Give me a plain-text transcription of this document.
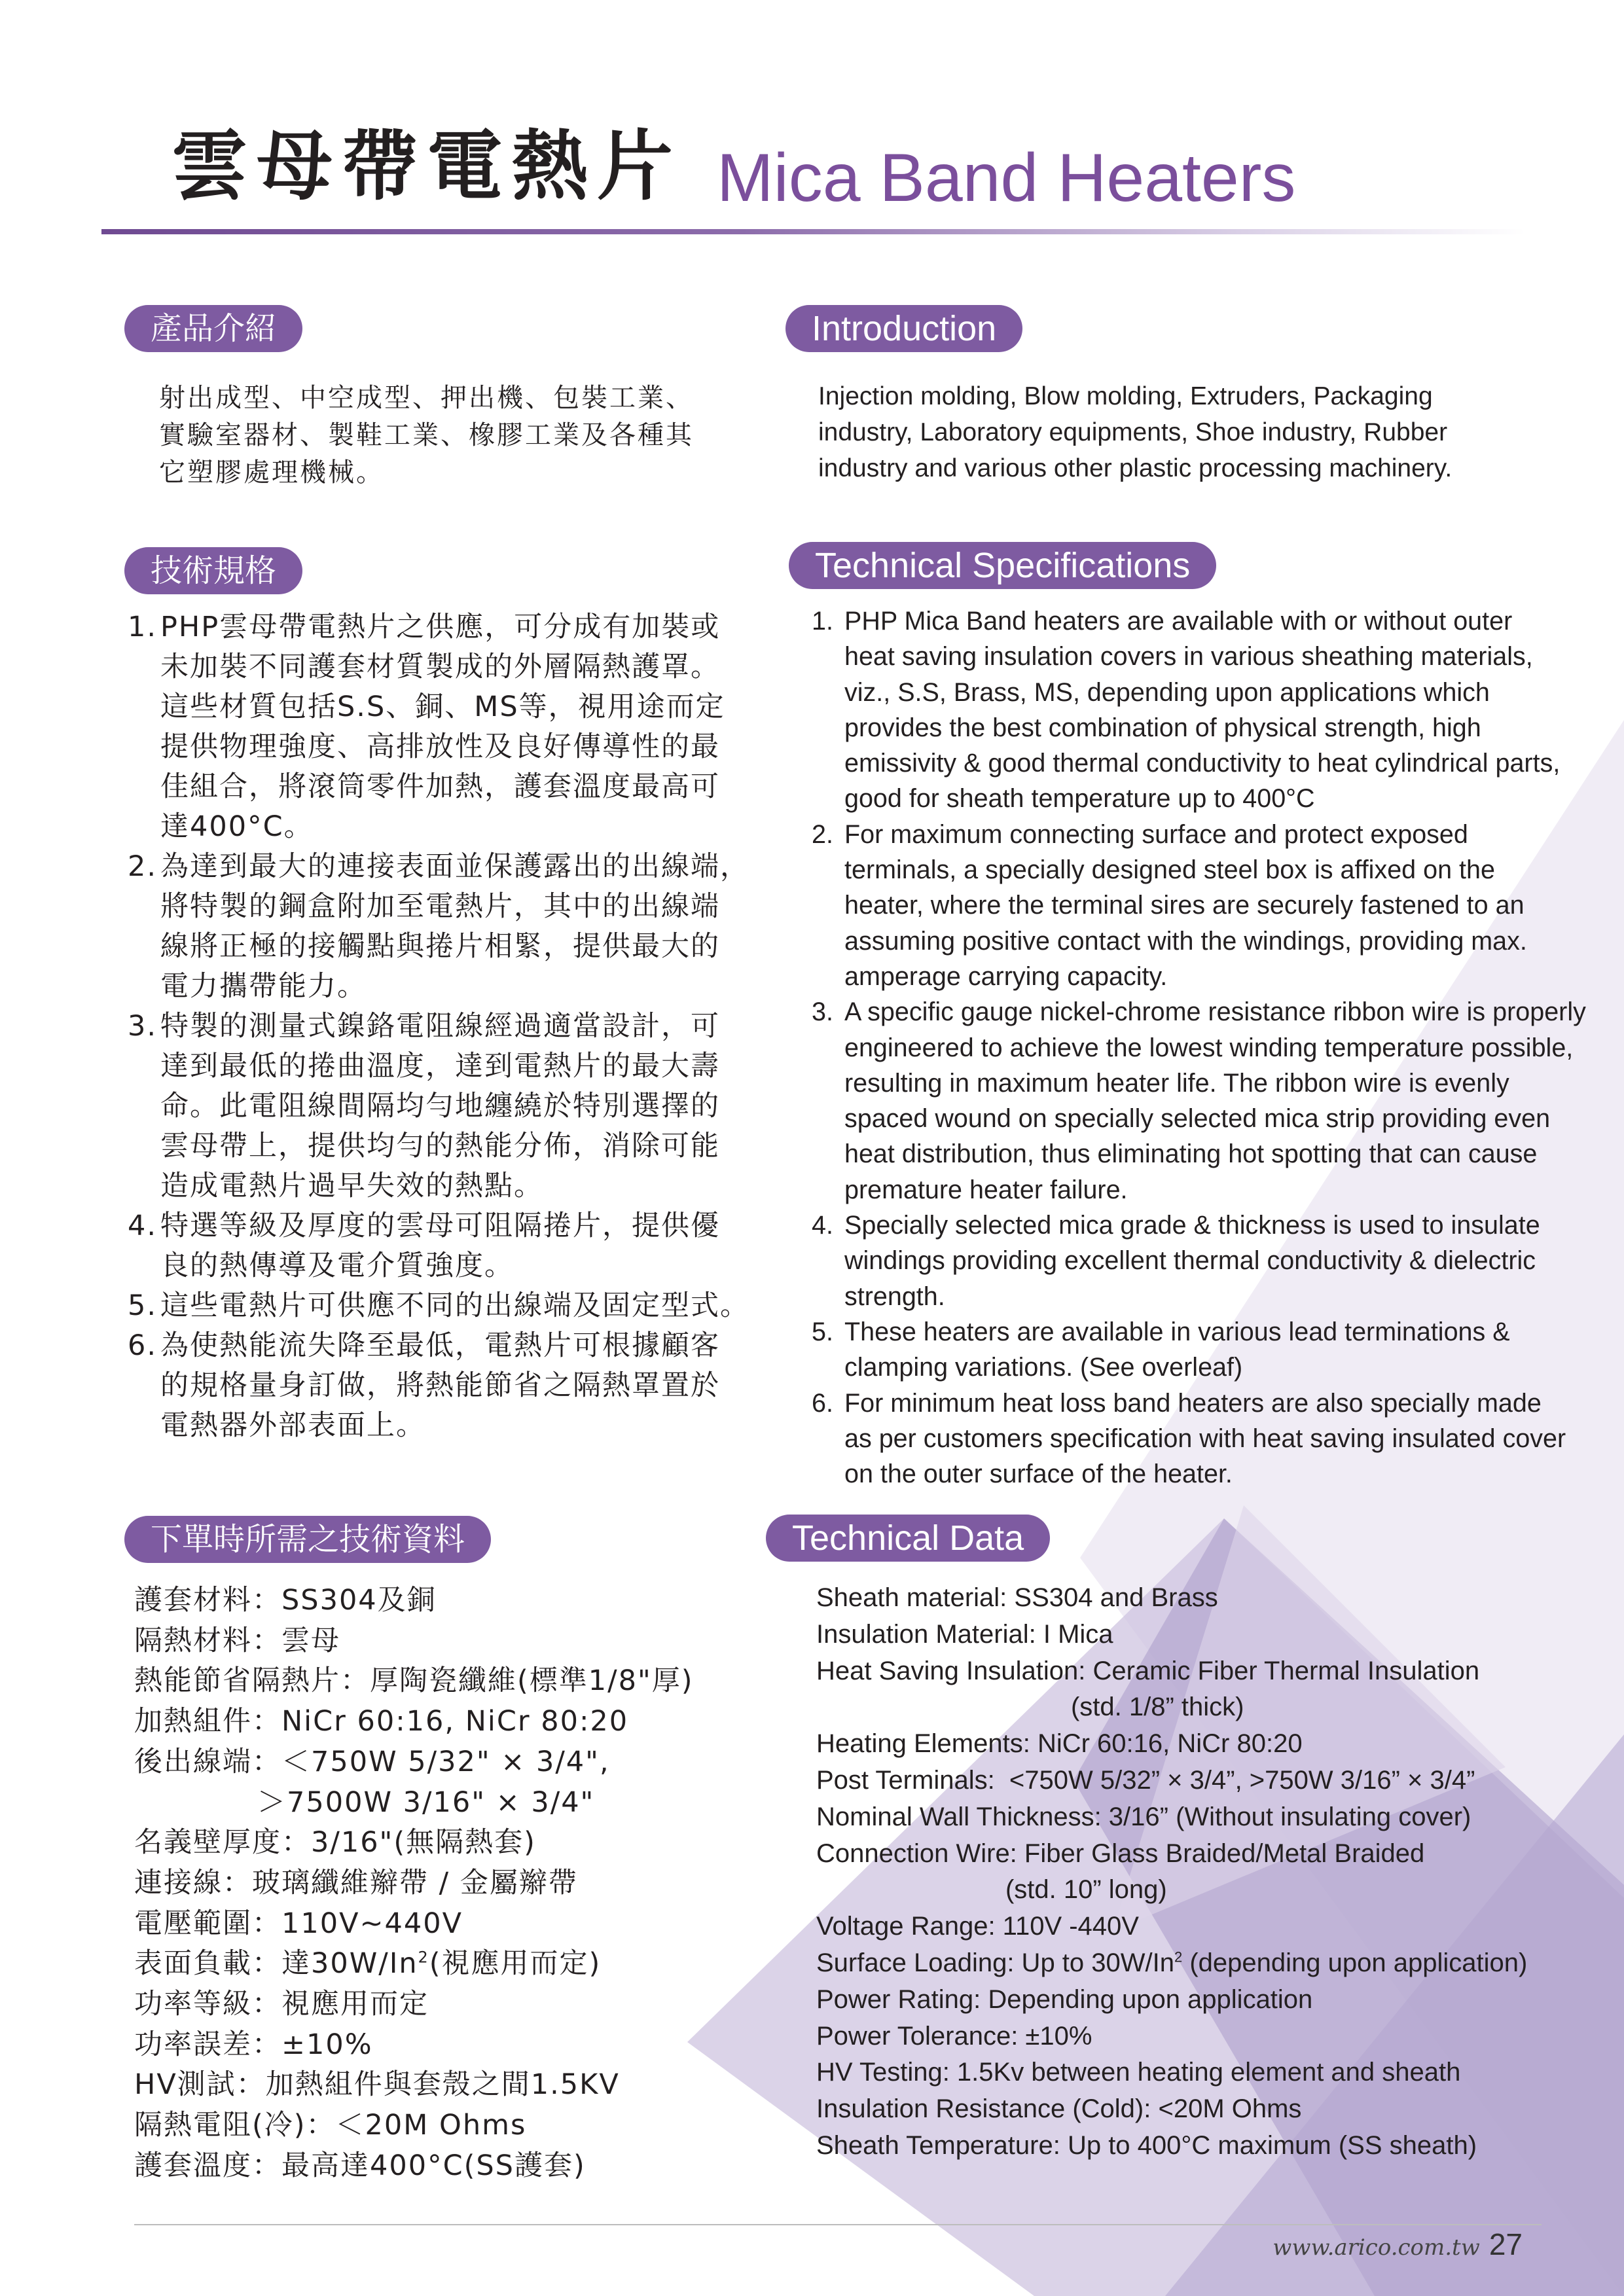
雲母帶電熱片 Mica Band Heaters
產品介紹	Introduction
射出成型、中空成型、押出機、包裝工業、
實驗室器材、製鞋工業、橡膠工業及各種其
它塑膠處理機械。
Injection molding, Blow molding, Extruders, Packaging
industry, Laboratory equipments, Shoe industry, Rubber
industry and various other plastic processing machinery.
技術規格	Technical Specifications
1. PHP雲母帶電熱片之供應，可分成有加裝或
未加裝不同護套材質製成的外層隔熱護罩。
這些材質包括S.S、銅、MS等，視用途而定
提供物理強度、高排放性及良好傳導性的最
佳組合，將滾筒零件加熱，護套溫度最高可
達400°C。
2. 為達到最大的連接表面並保護露出的出線端，
將特製的鋼盒附加至電熱片，其中的出線端
線將正極的接觸點與捲片相緊，提供最大的
電力攜帶能力。
3. 特製的測量式鎳鉻電阻線經過適當設計，可
達到最低的捲曲溫度，達到電熱片的最大壽
命。此電阻線間隔均勻地纏繞於特別選擇的
雲母帶上，提供均勻的熱能分佈，消除可能
造成電熱片過早失效的熱點。
4. 特選等級及厚度的雲母可阻隔捲片，提供優
良的熱傳導及電介質強度。
5. 這些電熱片可供應不同的出線端及固定型式。
6. 為使熱能流失降至最低，電熱片可根據顧客
的規格量身訂做，將熱能節省之隔熱罩置於
電熱器外部表面上。
1. PHP Mica Band heaters are available with or without outer
heat saving insulation covers in various sheathing materials,
viz., S.S, Brass, MS, depending upon applications which
provides the best combination of physical strength, high
emissivity & good thermal conductivity to heat cylindrical parts,
good for sheath temperature up to 400°C
2. For maximum connecting surface and protect exposed
terminals, a specially designed steel box is affixed on the
heater, where the terminal sires are securely fastened to an
assuming positive contact with the windings, providing max.
amperage carrying capacity.
3. A specific gauge nickel-chrome resistance ribbon wire is properly
engineered to achieve the lowest winding temperature possible,
resulting in maximum heater life. The ribbon wire is evenly
spaced wound on specially selected mica strip providing even
heat distribution, thus eliminating hot spotting that can cause
premature heater failure.
4. Specially selected mica grade & thickness is used to insulate
windings providing excellent thermal conductivity & dielectric
strength.
5. These heaters are available in various lead terminations &
clamping variations. (See overleaf)
6. For minimum heat loss band heaters are also specially made
as per customers specification with heat saving insulated cover
on the outer surface of the heater.
下單時所需之技術資料	Technical Data
護套材料：SS304及銅
隔熱材料：雲母
熱能節省隔熱片：厚陶瓷纖維(標準1/8"厚)
加熱組件：NiCr 60:16, NiCr 80:20
後出線端：＜750W 5/32" × 3/4",
＞7500W 3/16" × 3/4"
名義壁厚度：3/16"(無隔熱套)
連接線：玻璃纖維辮帶 / 金屬辮帶
電壓範圍：110V~440V
表面負載：達30W/In$^2$(視應用而定)
功率等級：視應用而定
功率誤差：±10%
HV測試：加熱組件與套殼之間1.5KV
隔熱電阻(冷)：＜20M Ohms
護套溫度：最高達400°C(SS護套)
Sheath material: SS304 and Brass
Insulation Material: I Mica
Heat Saving Insulation: Ceramic Fiber Thermal Insulation
(std. 1/8” thick)
Heating Elements: NiCr 60:16, NiCr 80:20
Post Terminals:  <750W 5/32” × 3/4”, >750W 3/16” × 3/4”
Nominal Wall Thickness: 3/16” (Without insulating cover)
Connection Wire: Fiber Glass Braided/Metal Braided
(std. 10” long)
Voltage Range: 110V -440V
Surface Loading: Up to 30W/In$^2$ (depending upon application)
Power Rating: Depending upon application
Power Tolerance: ±10%
HV Testing: 1.5Kv between heating element and sheath
Insulation Resistance (Cold): <20M Ohms
Sheath Temperature: Up to 400°C maximum (SS sheath)
www.arico.com.tw 27
